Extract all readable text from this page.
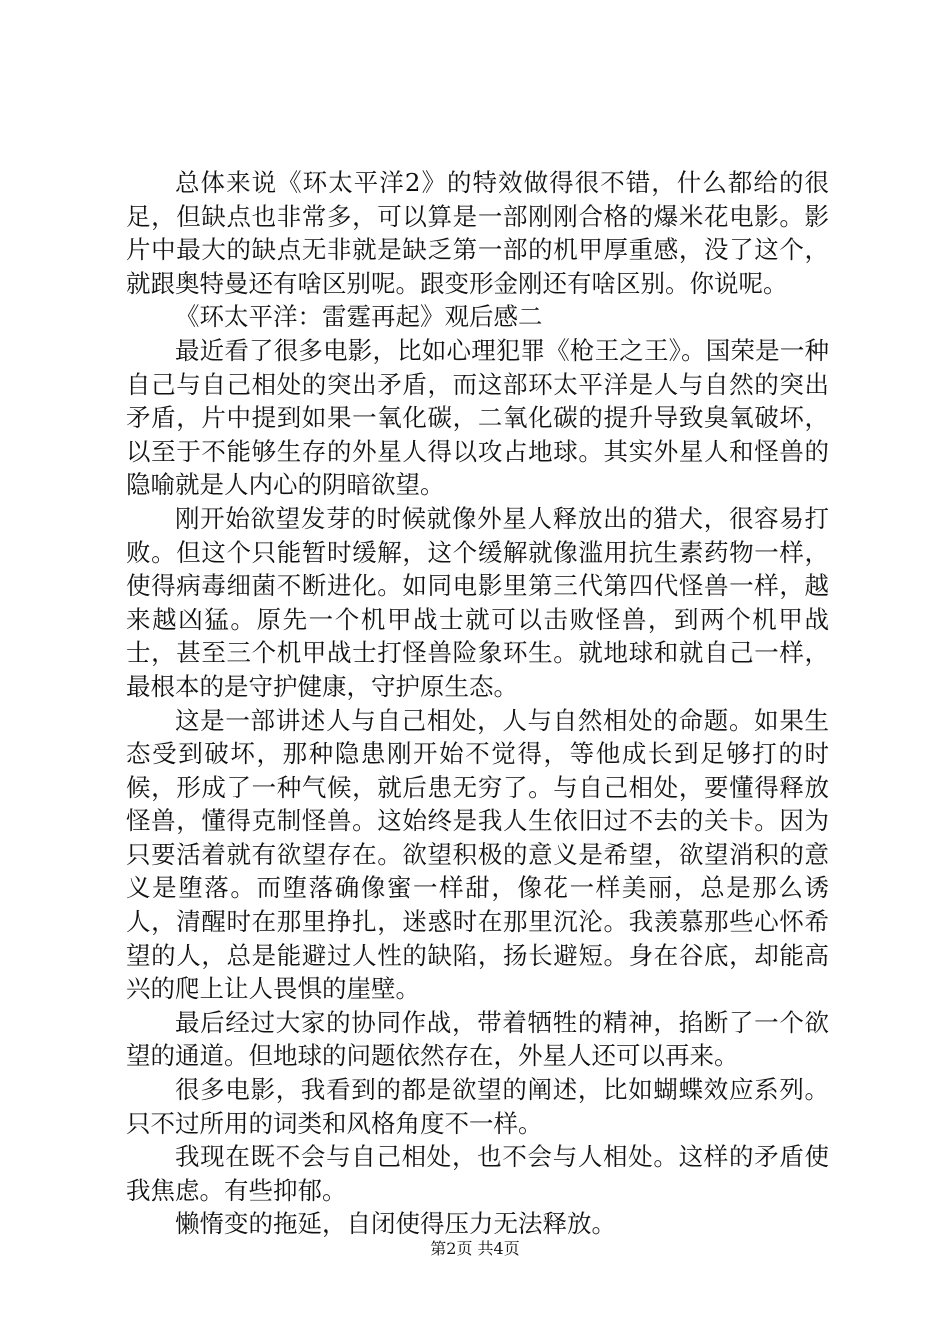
总体来说《环太平洋2》的特效做得很不错，什么都给的很足，但缺点也非常多，可以算是一部刚刚合格的爆米花电影。影片中最大的缺点无非就是缺乏第一部的机甲厚重感，没了这个，就跟奥特曼还有啥区别呢。跟变形金刚还有啥区别。你说呢。

《环太平洋：雷霆再起》观后感二

最近看了很多电影，比如心理犯罪《枪王之王》。国荣是一种自己与自己相处的突出矛盾，而这部环太平洋是人与自然的突出矛盾，片中提到如果一氧化碳，二氧化碳的提升导致臭氧破坏，以至于不能够生存的外星人得以攻占地球。其实外星人和怪兽的隐喻就是人内心的阴暗欲望。

刚开始欲望发芽的时候就像外星人释放出的猎犬，很容易打败。但这个只能暂时缓解，这个缓解就像滥用抗生素药物一样，使得病毒细菌不断进化。如同电影里第三代第四代怪兽一样，越来越凶猛。原先一个机甲战士就可以击败怪兽，到两个机甲战士，甚至三个机甲战士打怪兽险象环生。就地球和就自己一样，最根本的是守护健康，守护原生态。

这是一部讲述人与自己相处，人与自然相处的命题。如果生态受到破坏，那种隐患刚开始不觉得，等他成长到足够打的时候，形成了一种气候，就后患无穷了。与自己相处，要懂得释放怪兽，懂得克制怪兽。这始终是我人生依旧过不去的关卡。因为只要活着就有欲望存在。欲望积极的意义是希望，欲望消积的意义是堕落。而堕落确像蜜一样甜，像花一样美丽，总是那么诱人，清醒时在那里挣扎，迷惑时在那里沉沦。我羡慕那些心怀希望的人，总是能避过人性的缺陷，扬长避短。身在谷底，却能高兴的爬上让人畏惧的崖壁。

最后经过大家的协同作战，带着牺牲的精神，掐断了一个欲望的通道。但地球的问题依然存在，外星人还可以再来。

很多电影，我看到的都是欲望的阐述，比如蝴蝶效应系列。只不过所用的词类和风格角度不一样。

我现在既不会与自己相处，也不会与人相处。这样的矛盾使我焦虑。有些抑郁。

懒惰变的拖延，自闭使得压力无法释放。

第2页 共4页
